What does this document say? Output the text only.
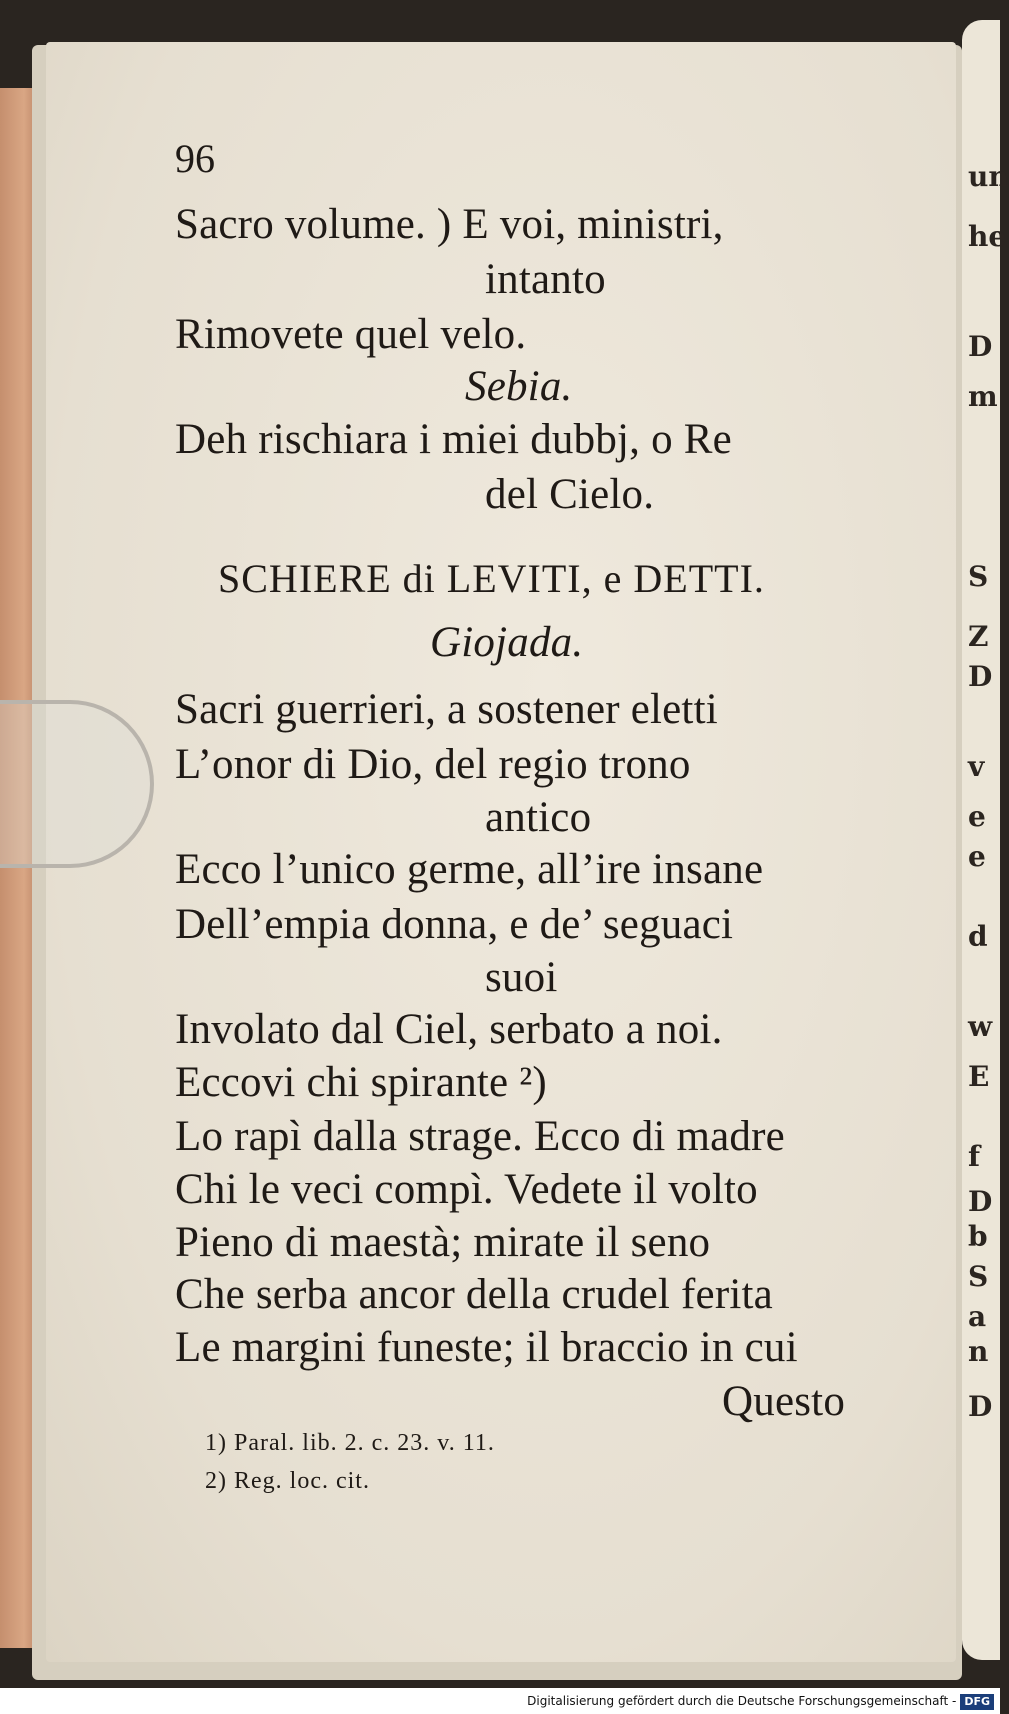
un
he
D
m
S
Z
D
v
e
e
d
w
E
f
D
b
S
a
n
D
96
Sacro volume. ) E voi, ministri,
intanto
Rimovete quel velo.
Sebia.
Deh rischiara i miei dubbj, o Re
del Cielo.
SCHIERE di LEVITI, e DETTI.
Giojada.
Sacri guerrieri, a sostener eletti
L’onor di Dio, del regio trono
antico
Ecco l’unico germe, all’ire insane
Dell’empia donna, e de’ seguaci
suoi
Involato dal Ciel, serbato a noi.
Eccovi chi spirante ²)
Lo rapì dalla strage. Ecco di madre
Chi le veci compì. Vedete il volto
Pieno di maestà; mirate il seno
Che serba ancor della crudel ferita
Le margini funeste; il braccio in cui
Questo
1) Paral. lib. 2. c. 23. v. 11.
2) Reg. loc. cit.
Digitalisierung gefördert durch die Deutsche Forschungsgemeinschaft - DFG
